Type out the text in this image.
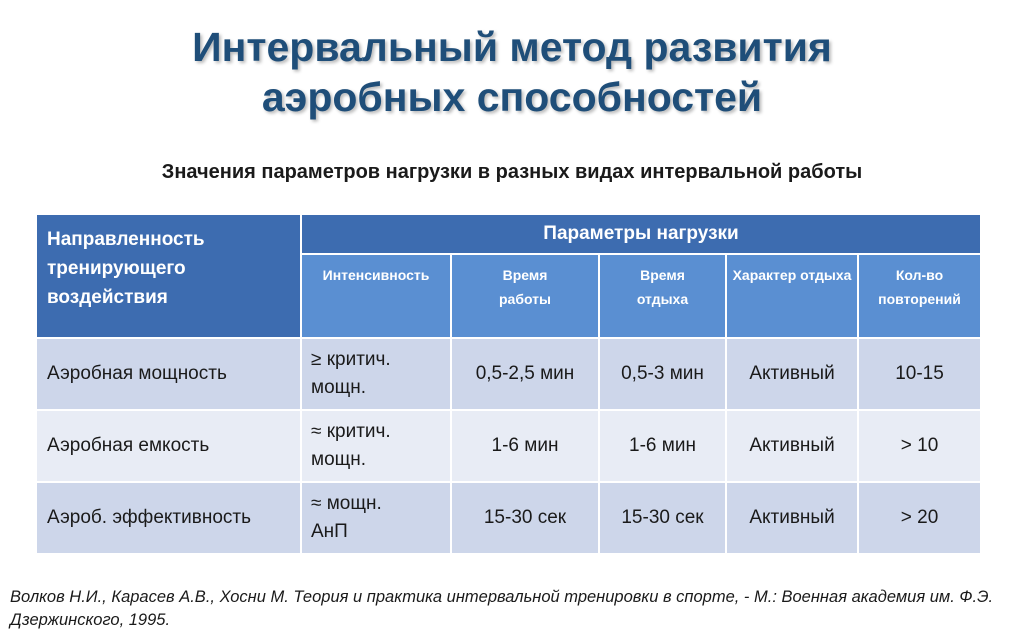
Интервальный метод развития
аэробных способностей
Значения параметров нагрузки в разных видах интервальной работы
Направленность тренирующего воздействия	Параметры нагрузки				
	Интенсивность	Время работы	Время отдыха	Характер отдыха	Кол-во повторений
Аэробная мощность	≥ критич. мощн.	0,5-2,5 мин	0,5-3 мин	Активный	10-15
Аэробная емкость	≈ критич. мощн.	1-6 мин	1-6 мин	Активный	> 10
Аэроб. эффективность	≈ мощн. АнП	15-30 сек	15-30 сек	Активный	> 20
Волков Н.И., Карасев А.В., Хосни М. Теория и практика интервальной тренировки в спорте, - М.: Военная академия им. Ф.Э. Дзержинского, 1995.
